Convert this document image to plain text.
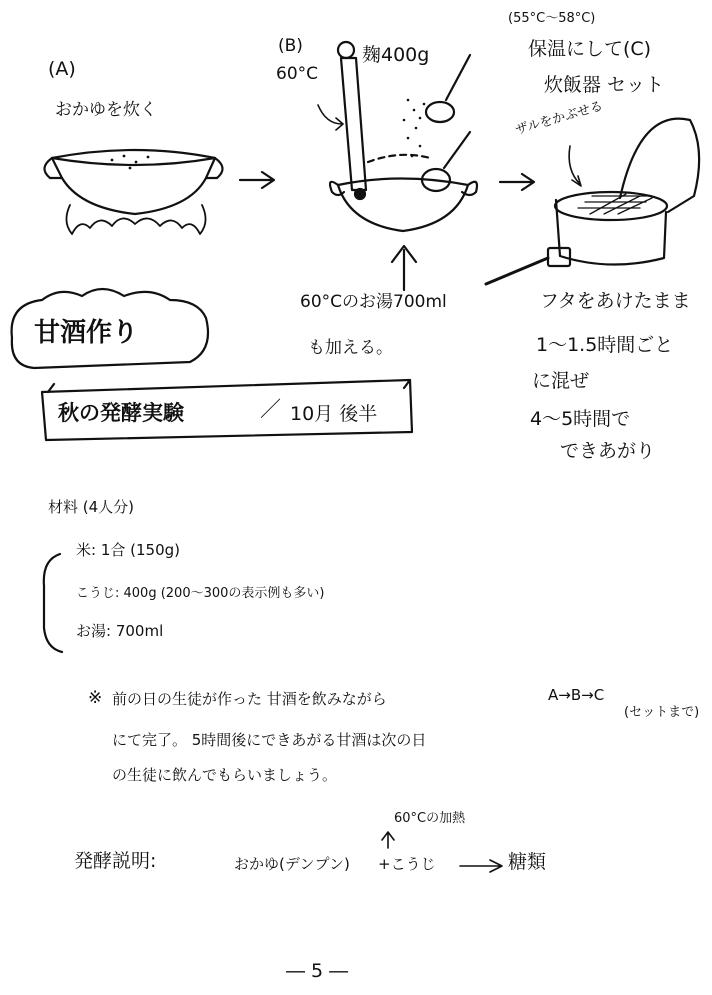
(A)
おかゆを炊く
(B)
60°C
麹400g
60°Cのお湯700ml
も加える。
(55°C～58°C)
保温にして(C)
炊飯器 セット
ザルをかぶせる
フタをあけたまま
1～1.5時間ごと
に混ぜ
4～5時間で
できあがり
甘酒作り
秋の発酵実験	／ 10月 後半
材料 (4人分)
米: 1合 (150g)
こうじ: 400g (200～300の表示例も多い)
お湯: 700ml
※ 前の日の生徒が作った 甘酒を飲みながら	A→B→C
(セットまで)
にて完了。 5時間後にできあがる甘酒は次の日
の生徒に飲んでもらいましょう。
発酵説明:
60°Cの加熱
おかゆ(デンプン) +こうじ	糖類
― 5 ―
